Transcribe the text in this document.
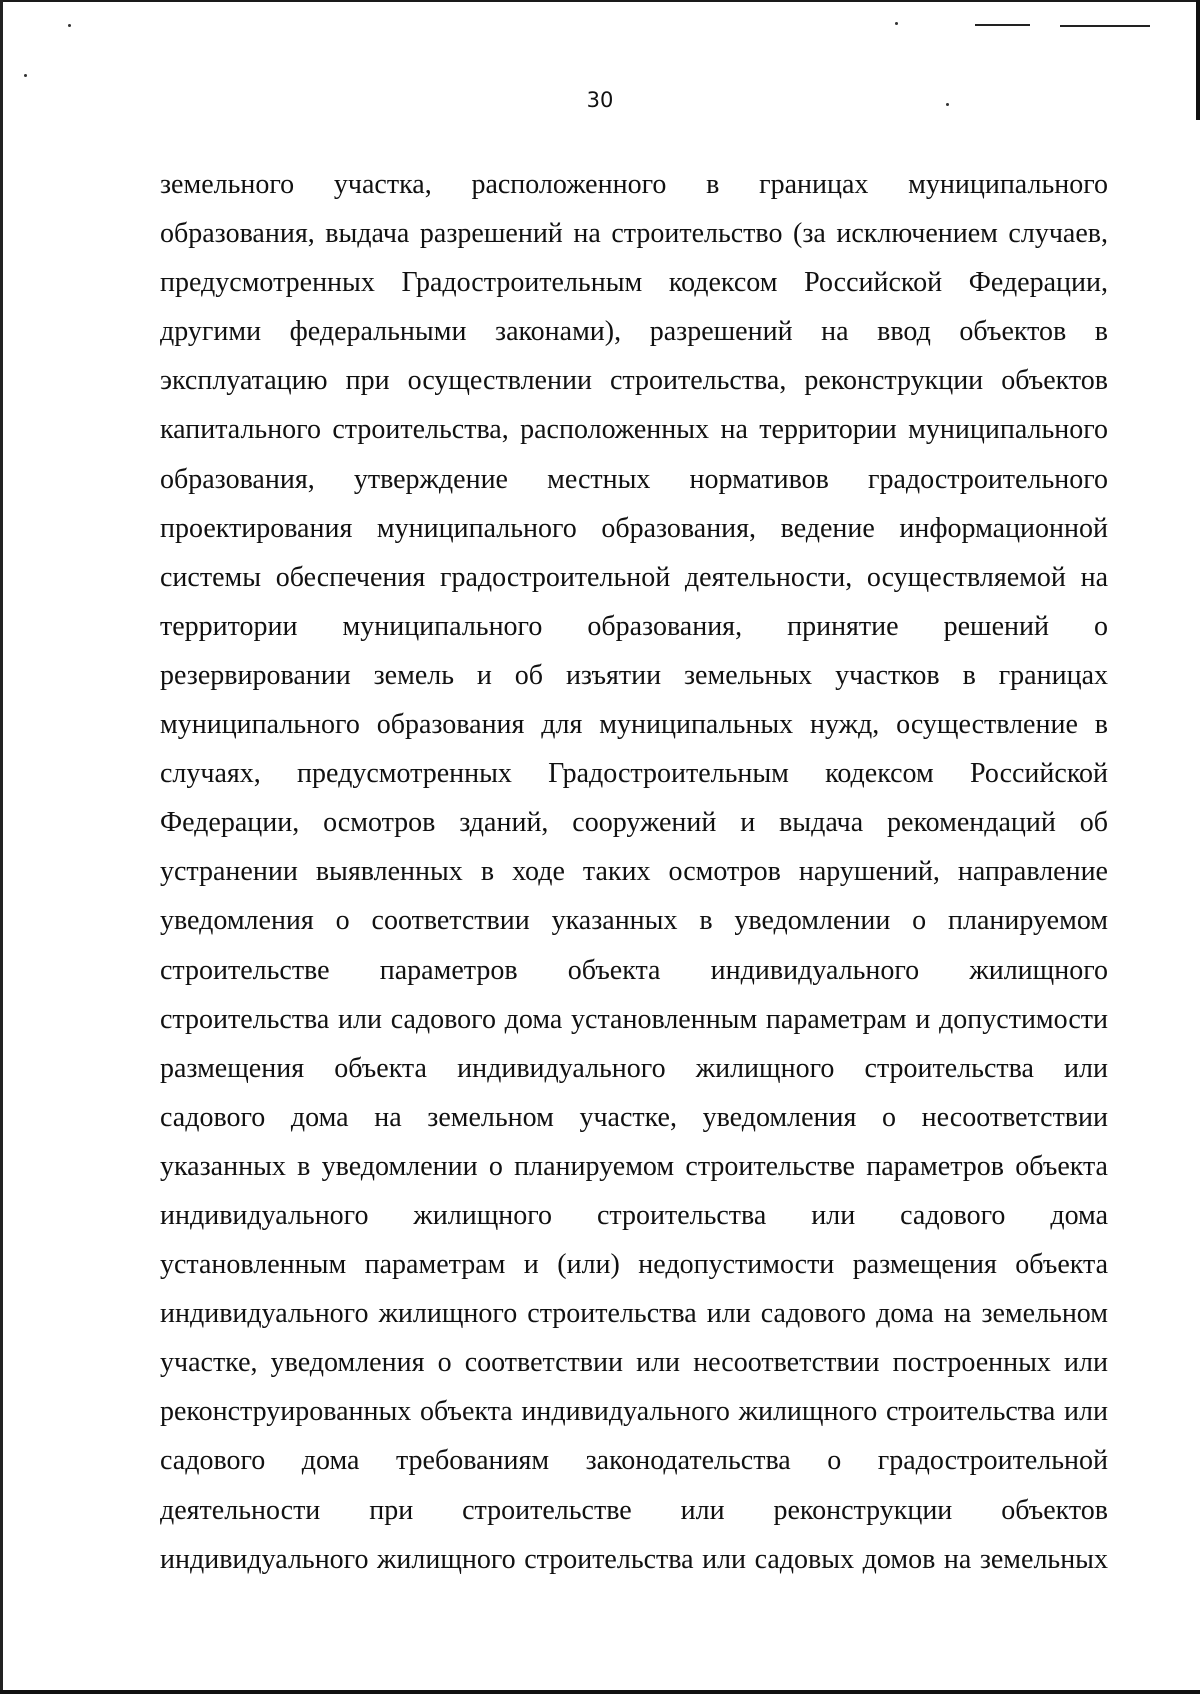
30
земельного участка, расположенного в границах муниципального
образования, выдача разрешений на строительство (за исключением случаев,
предусмотренных Градостроительным кодексом Российской Федерации,
другими федеральными законами), разрешений на ввод объектов в
эксплуатацию при осуществлении строительства, реконструкции объектов
капитального строительства, расположенных на территории муниципального
образования, утверждение местных нормативов градостроительного
проектирования муниципального образования, ведение информационной
системы обеспечения градостроительной деятельности, осуществляемой на
территории муниципального образования, принятие решений о
резервировании земель и об изъятии земельных участков в границах
муниципального образования для муниципальных нужд, осуществление в
случаях, предусмотренных Градостроительным кодексом Российской
Федерации, осмотров зданий, сооружений и выдача рекомендаций об
устранении выявленных в ходе таких осмотров нарушений, направление
уведомления о соответствии указанных в уведомлении о планируемом
строительстве параметров объекта индивидуального жилищного
строительства или садового дома установленным параметрам и допустимости
размещения объекта индивидуального жилищного строительства или
садового дома на земельном участке, уведомления о несоответствии
указанных в уведомлении о планируемом строительстве параметров объекта
индивидуального жилищного строительства или садового дома
установленным параметрам и (или) недопустимости размещения объекта
индивидуального жилищного строительства или садового дома на земельном
участке, уведомления о соответствии или несоответствии построенных или
реконструированных объекта индивидуального жилищного строительства или
садового дома требованиям законодательства о градостроительной
деятельности при строительстве или реконструкции объектов
индивидуального жилищного строительства или садовых домов на земельных
